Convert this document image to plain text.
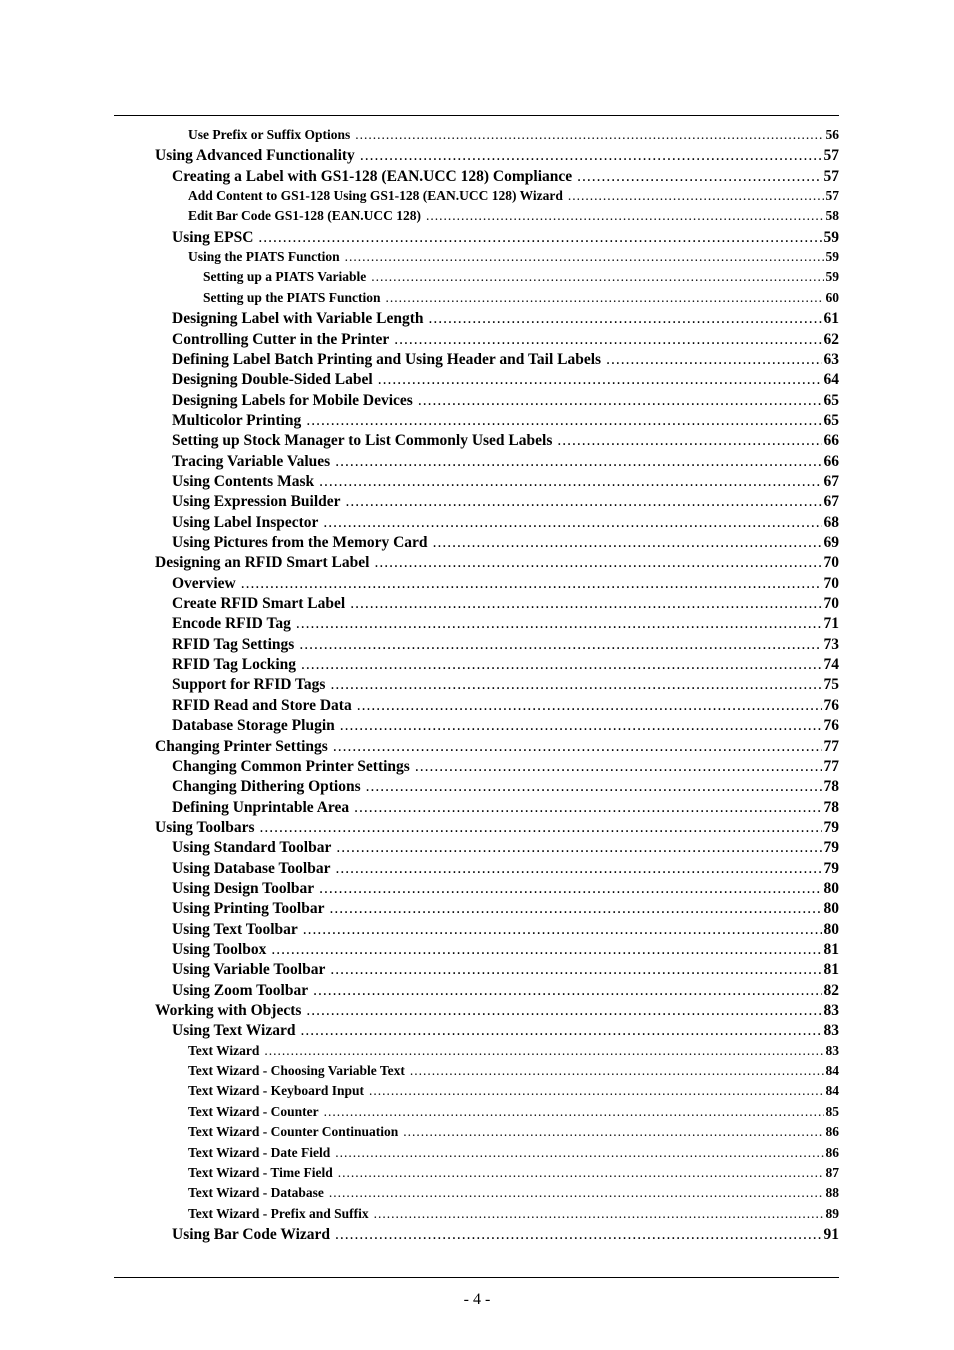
Use Prefix or Suffix Options .....	56
Using Advanced Functionality .....	57
Creating a Label with GS1-128 (EAN.UCC 128) Compliance .....	57
Add Content to GS1-128 Using GS1-128 (EAN.UCC 128) Wizard .....	57
Edit Bar Code GS1-128 (EAN.UCC 128) .....	58
Using EPSC .....	59
Using the PIATS Function .....	59
Setting up a PIATS Variable .....	59
Setting up the PIATS Function .....	60
Designing Label with Variable Length .....	61
Controlling Cutter in the Printer .....	62
Defining Label Batch Printing and Using Header and Tail Labels .....	63
Designing Double-Sided Label .....	64
Designing Labels for Mobile Devices .....	65
Multicolor Printing .....	65
Setting up Stock Manager to List Commonly Used Labels .....	66
Tracing Variable Values .....	66
Using Contents Mask .....	67
Using Expression Builder .....	67
Using Label Inspector .....	68
Using Pictures from the Memory Card .....	69
Designing an RFID Smart Label .....	70
Overview .....	70
Create RFID Smart Label .....	70
Encode RFID Tag .....	71
RFID Tag Settings .....	73
RFID Tag Locking .....	74
Support for RFID Tags .....	75
RFID Read and Store Data .....	76
Database Storage Plugin .....	76
Changing Printer Settings .....	77
Changing Common Printer Settings .....	77
Changing Dithering Options .....	78
Defining Unprintable Area .....	78
Using Toolbars .....	79
Using Standard Toolbar .....	79
Using Database Toolbar .....	79
Using Design Toolbar .....	80
Using Printing Toolbar .....	80
Using Text Toolbar .....	80
Using Toolbox .....	81
Using Variable Toolbar .....	81
Using Zoom Toolbar .....	82
Working with Objects .....	83
Using Text Wizard .....	83
Text Wizard .....	83
Text Wizard - Choosing Variable Text .....	84
Text Wizard - Keyboard Input .....	84
Text Wizard - Counter .....	85
Text Wizard - Counter Continuation .....	86
Text Wizard - Date Field .....	86
Text Wizard - Time Field .....	87
Text Wizard - Database .....	88
Text Wizard - Prefix and Suffix .....	89
Using Bar Code Wizard .....	91
- 4 -
